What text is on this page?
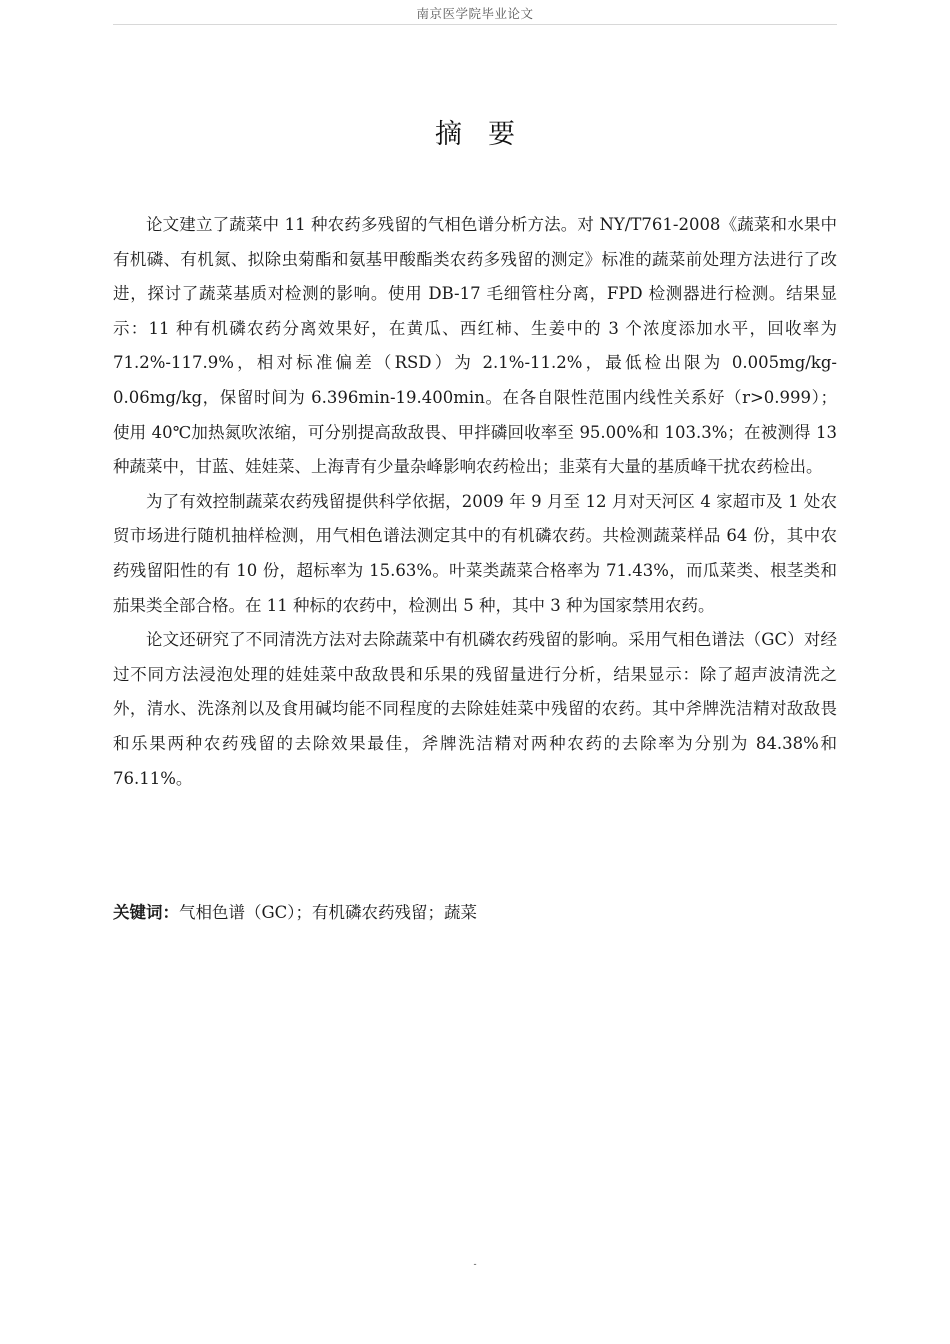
南京医学院毕业论文
摘要

论文建立了蔬菜中 11 种农药多残留的气相色谱分析方法。对 NY/T761-2008《蔬菜和水果中有机磷、有机氮、拟除虫菊酯和氨基甲酸酯类农药多残留的测定》标准的蔬菜前处理方法进行了改进，探讨了蔬菜基质对检测的影响。使用 DB-17 毛细管柱分离，FPD 检测器进行检测。结果显示：11 种有机磷农药分离效果好，在黄瓜、西红柿、生姜中的 3 个浓度添加水平，回收率为 71.2%-117.9%，相对标准偏差（RSD）为 2.1%-11.2%，最低检出限为 0.005mg/kg-0.06mg/kg，保留时间为 6.396min-19.400min。在各自限性范围内线性关系好（r>0.999）；使用 40℃加热氮吹浓缩，可分别提高敌敌畏、甲拌磷回收率至 95.00%和 103.3%；在被测得 13 种蔬菜中，甘蓝、娃娃菜、上海青有少量杂峰影响农药检出；韭菜有大量的基质峰干扰农药检出。

为了有效控制蔬菜农药残留提供科学依据，2009 年 9 月至 12 月对天河区 4 家超市及 1 处农贸市场进行随机抽样检测，用气相色谱法测定其中的有机磷农药。共检测蔬菜样品 64 份，其中农药残留阳性的有 10 份，超标率为 15.63%。叶菜类蔬菜合格率为 71.43%，而瓜菜类、根茎类和茄果类全部合格。在 11 种标的农药中，检测出 5 种，其中 3 种为国家禁用农药。

论文还研究了不同清洗方法对去除蔬菜中有机磷农药残留的影响。采用气相色谱法（GC）对经过不同方法浸泡处理的娃娃菜中敌敌畏和乐果的残留量进行分析，结果显示：除了超声波清洗之外，清水、洗涤剂以及食用碱均能不同程度的去除娃娃菜中残留的农药。其中斧牌洗洁精对敌敌畏和乐果两种农药残留的去除效果最佳，斧牌洗洁精对两种农药的去除率为分别为 84.38%和 76.11%。

关键词：气相色谱（GC）；有机磷农药残留；蔬菜
-
